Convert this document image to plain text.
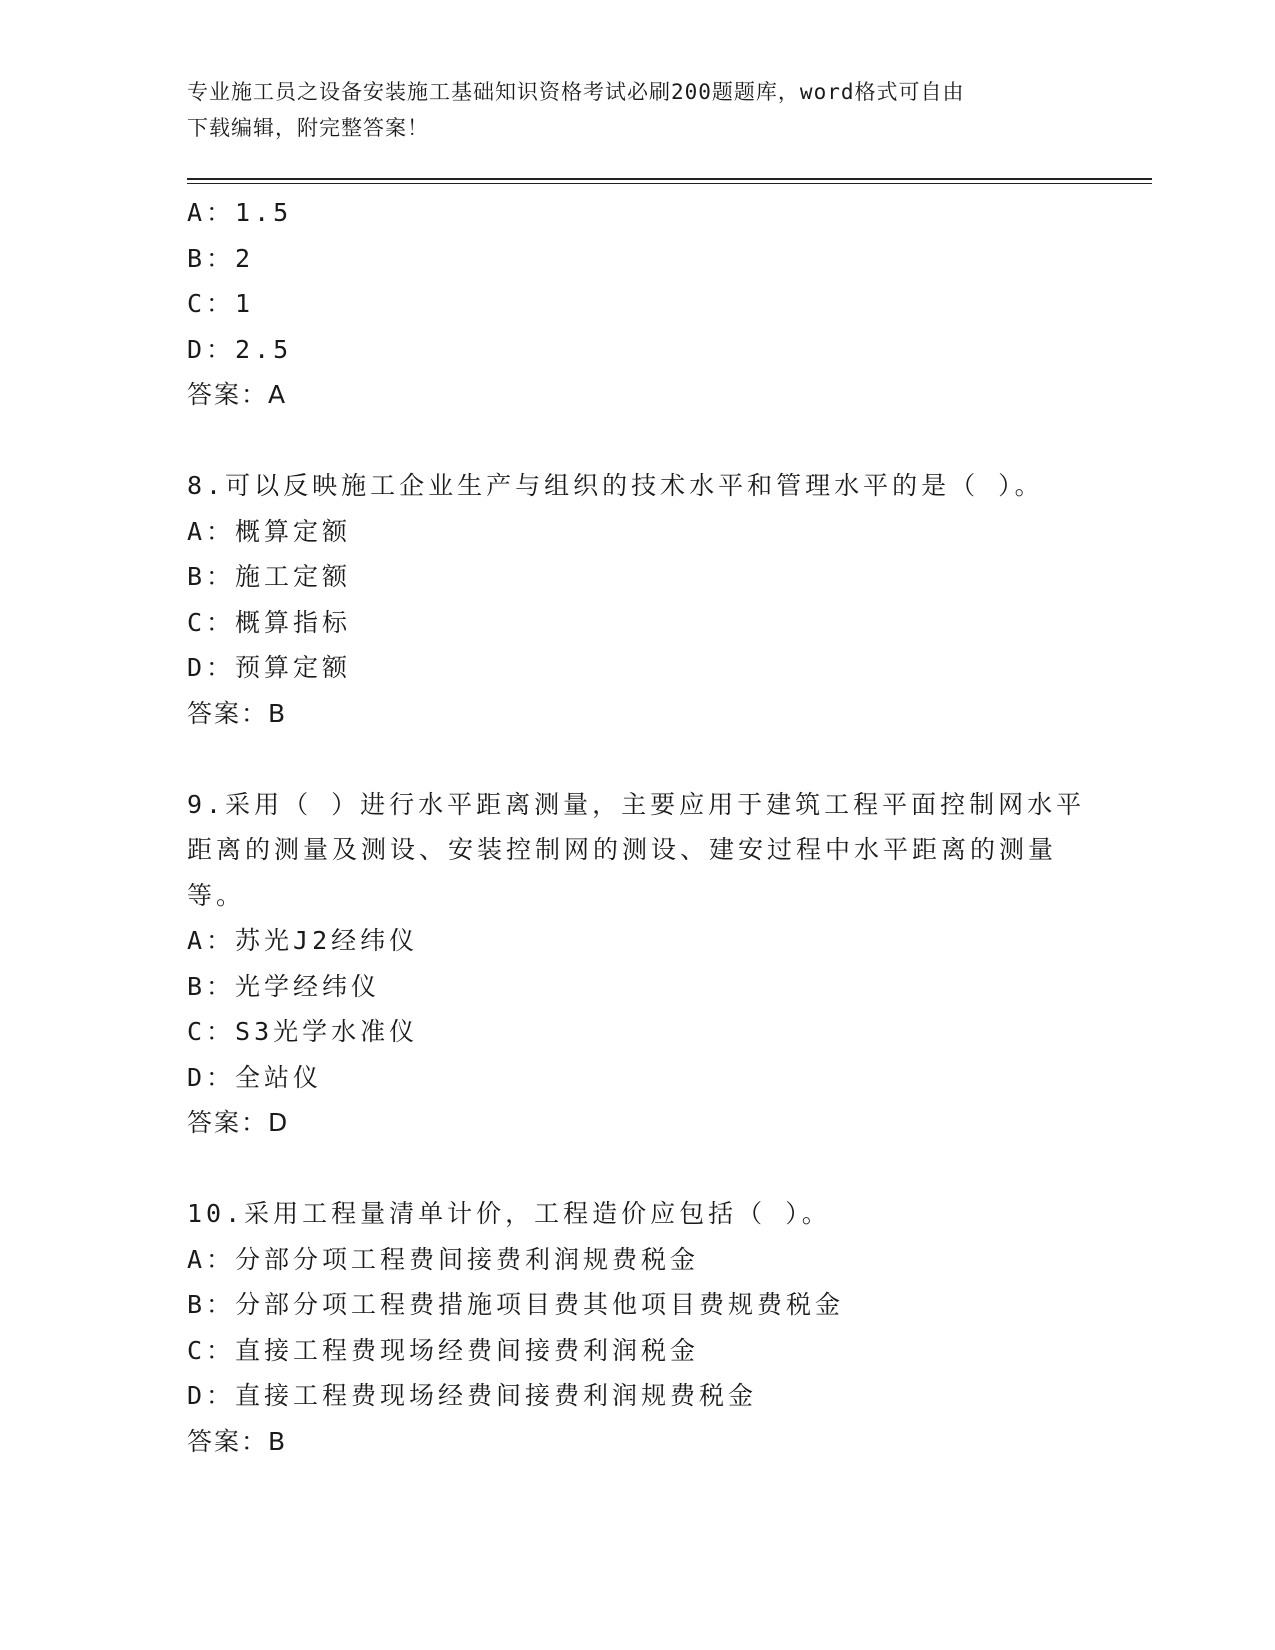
专业施工员之设备安装施工基础知识资格考试必刷200题题库，word格式可自由
下载编辑，附完整答案！
A：1.5
B：2
C：1
D：2.5
答案：A
8.可以反映施工企业生产与组织的技术水平和管理水平的是（ ）。
A：概算定额
B：施工定额
C：概算指标
D：预算定额
答案：B
9.采用（ ）进行水平距离测量，主要应用于建筑工程平面控制网水平
距离的测量及测设、安装控制网的测设、建安过程中水平距离的测量
等。
A：苏光J2经纬仪
B：光学经纬仪
C：S3光学水准仪
D：全站仪
答案：D
10.采用工程量清单计价，工程造价应包括（ ）。
A：分部分项工程费间接费利润规费税金
B：分部分项工程费措施项目费其他项目费规费税金
C：直接工程费现场经费间接费利润税金
D：直接工程费现场经费间接费利润规费税金
答案：B
